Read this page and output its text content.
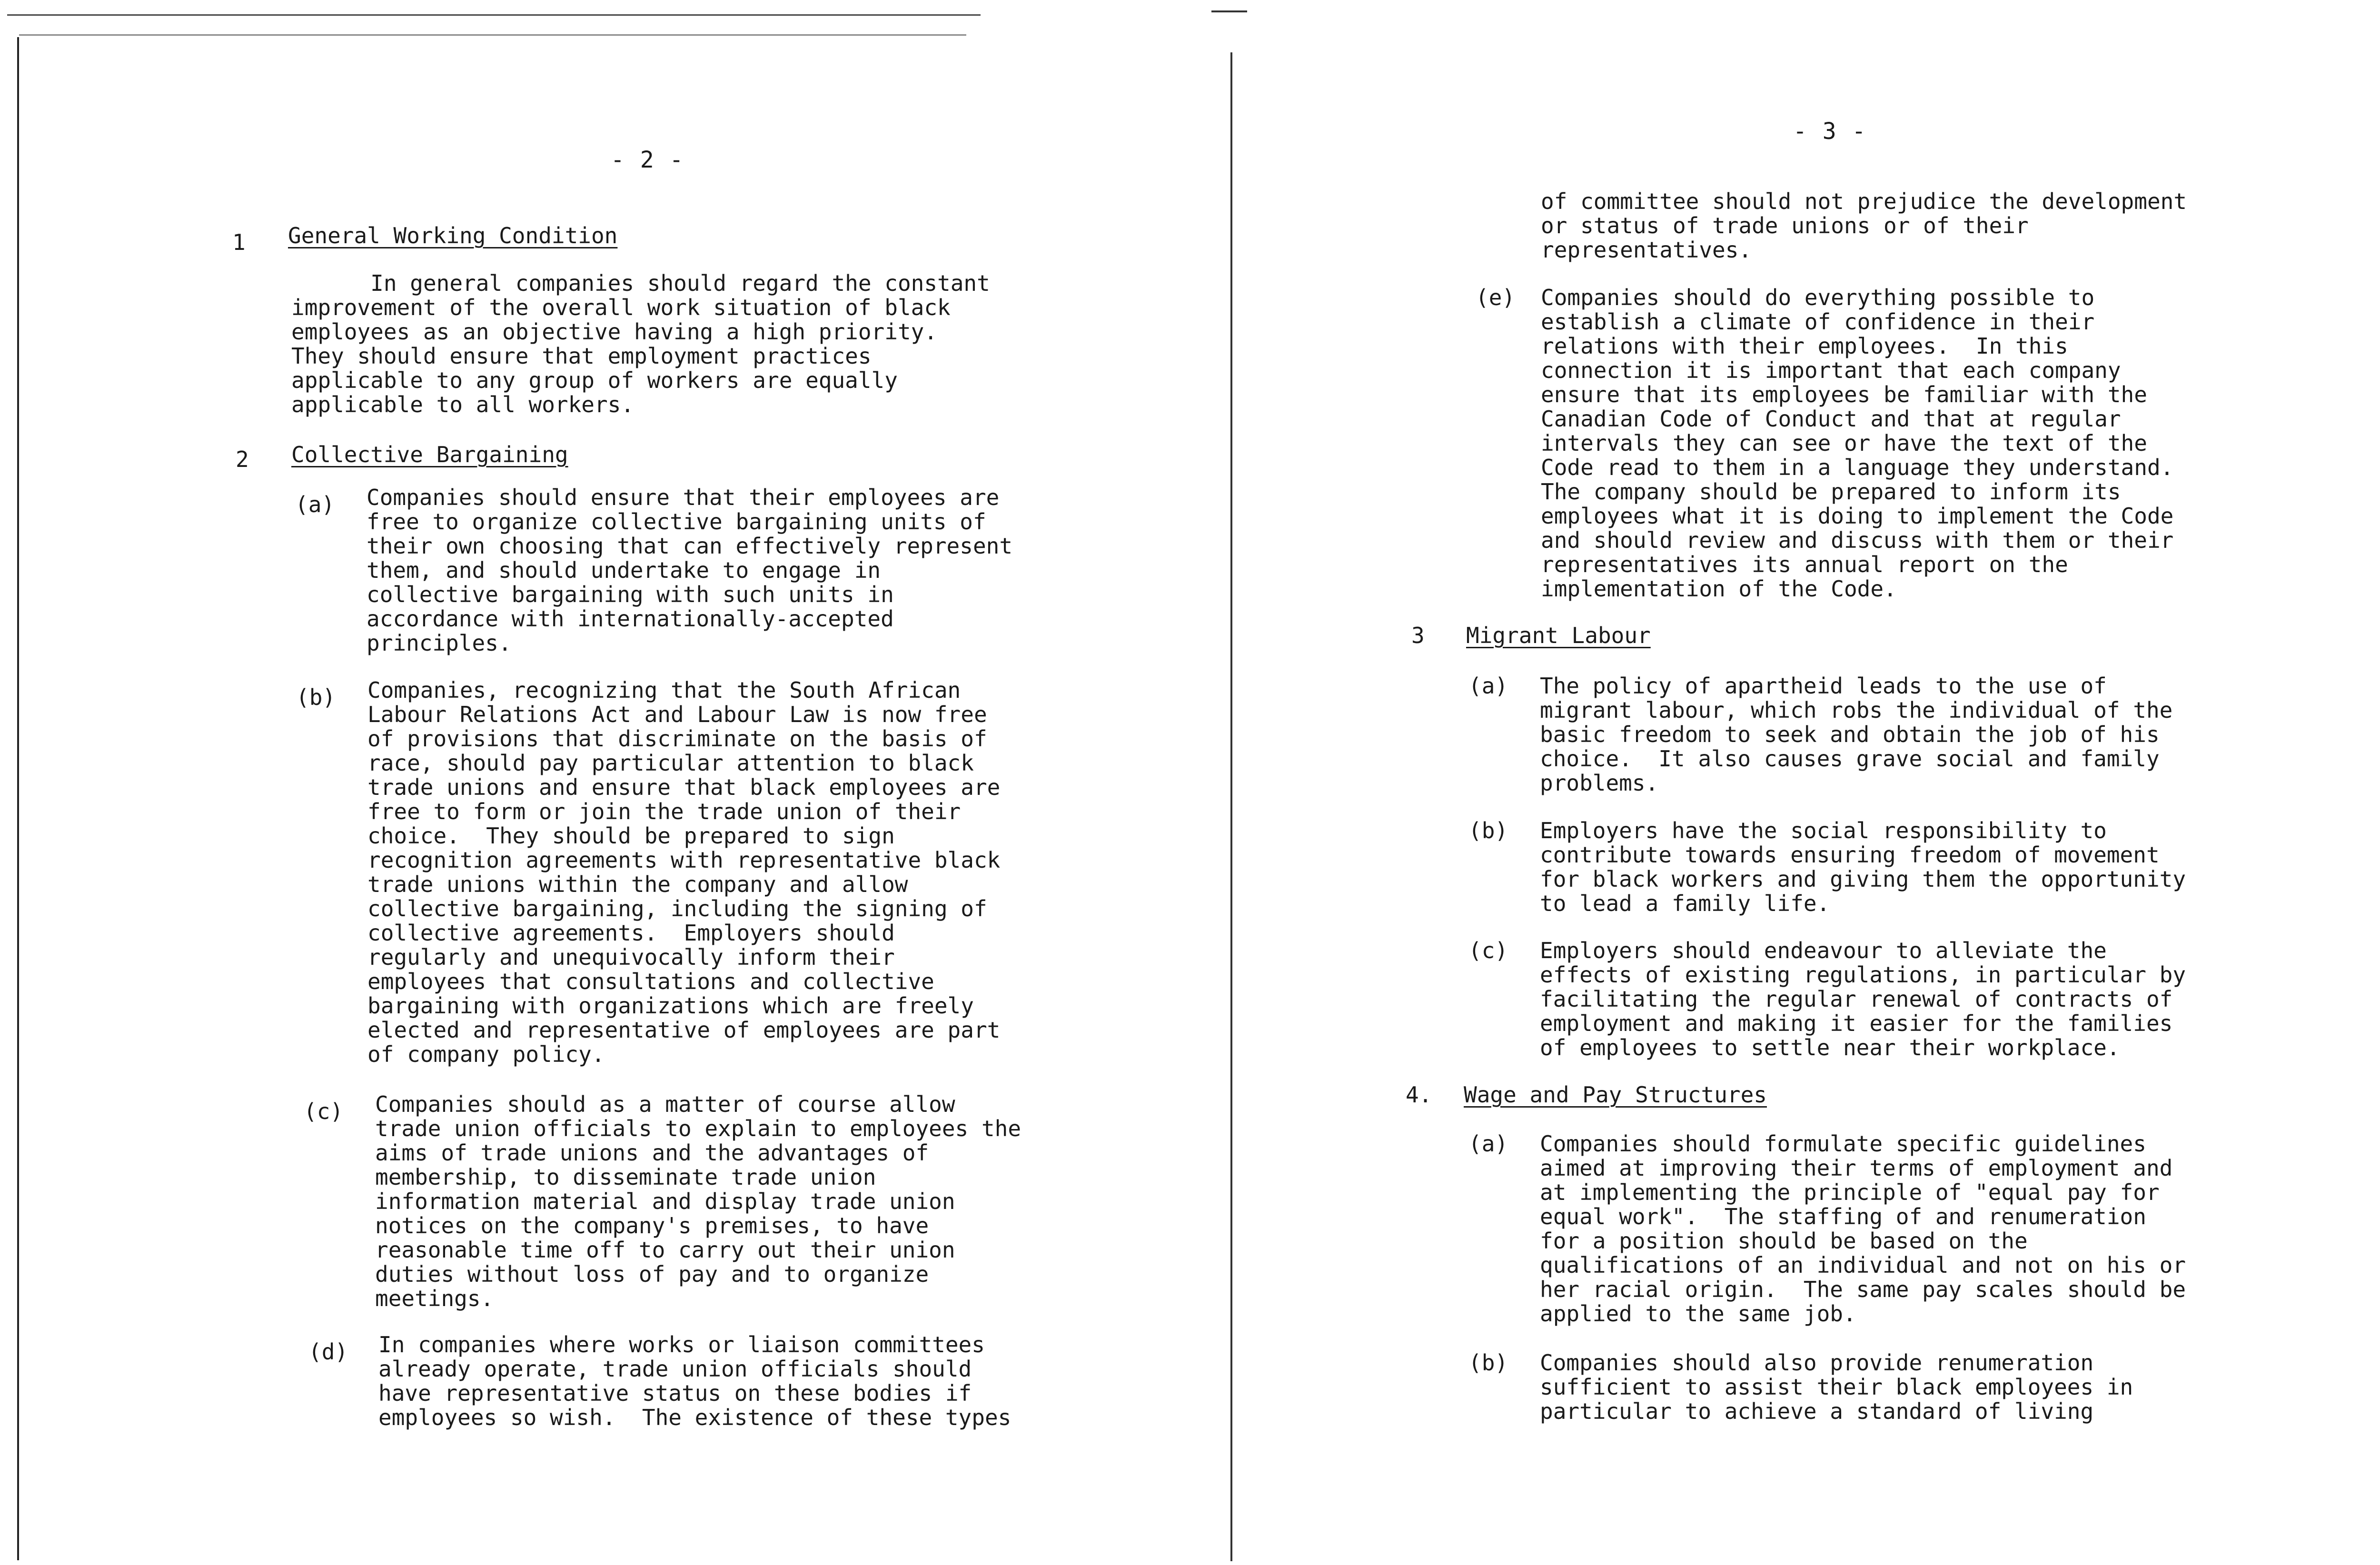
- 2 -
1 General Working Condition
In general companies should regard the constant
improvement of the overall work situation of black
employees as an objective having a high priority.
They should ensure that employment practices
applicable to any group of workers are equally
applicable to all workers.
2 Collective Bargaining
(a) Companies should ensure that their employees are
free to organize collective bargaining units of
their own choosing that can effectively represent
them, and should undertake to engage in
collective bargaining with such units in
accordance with internationally-accepted
principles.
(b) Companies, recognizing that the South African
Labour Relations Act and Labour Law is now free
of provisions that discriminate on the basis of
race, should pay particular attention to black
trade unions and ensure that black employees are
free to form or join the trade union of their
choice.  They should be prepared to sign
recognition agreements with representative black
trade unions within the company and allow
collective bargaining, including the signing of
collective agreements.  Employers should
regularly and unequivocally inform their
employees that consultations and collective
bargaining with organizations which are freely
elected and representative of employees are part
of company policy.
(c) Companies should as a matter of course allow
trade union officials to explain to employees the
aims of trade unions and the advantages of
membership, to disseminate trade union
information material and display trade union
notices on the company's premises, to have
reasonable time off to carry out their union
duties without loss of pay and to organize
meetings.
(d) In companies where works or liaison committees
already operate, trade union officials should
have representative status on these bodies if
employees so wish.  The existence of these types
- 3 -
of committee should not prejudice the development
or status of trade unions or of their
representatives.
(e) Companies should do everything possible to
establish a climate of confidence in their
relations with their employees.  In this
connection it is important that each company
ensure that its employees be familiar with the
Canadian Code of Conduct and that at regular
intervals they can see or have the text of the
Code read to them in a language they understand.
The company should be prepared to inform its
employees what it is doing to implement the Code
and should review and discuss with them or their
representatives its annual report on the
implementation of the Code.
3 Migrant Labour
(a) The policy of apartheid leads to the use of
migrant labour, which robs the individual of the
basic freedom to seek and obtain the job of his
choice.  It also causes grave social and family
problems.
(b) Employers have the social responsibility to
contribute towards ensuring freedom of movement
for black workers and giving them the opportunity
to lead a family life.
(c) Employers should endeavour to alleviate the
effects of existing regulations, in particular by
facilitating the regular renewal of contracts of
employment and making it easier for the families
of employees to settle near their workplace.
4. Wage and Pay Structures
(a) Companies should formulate specific guidelines
aimed at improving their terms of employment and
at implementing the principle of "equal pay for
equal work".  The staffing of and renumeration
for a position should be based on the
qualifications of an individual and not on his or
her racial origin.  The same pay scales should be
applied to the same job.
(b) Companies should also provide renumeration
sufficient to assist their black employees in
particular to achieve a standard of living
